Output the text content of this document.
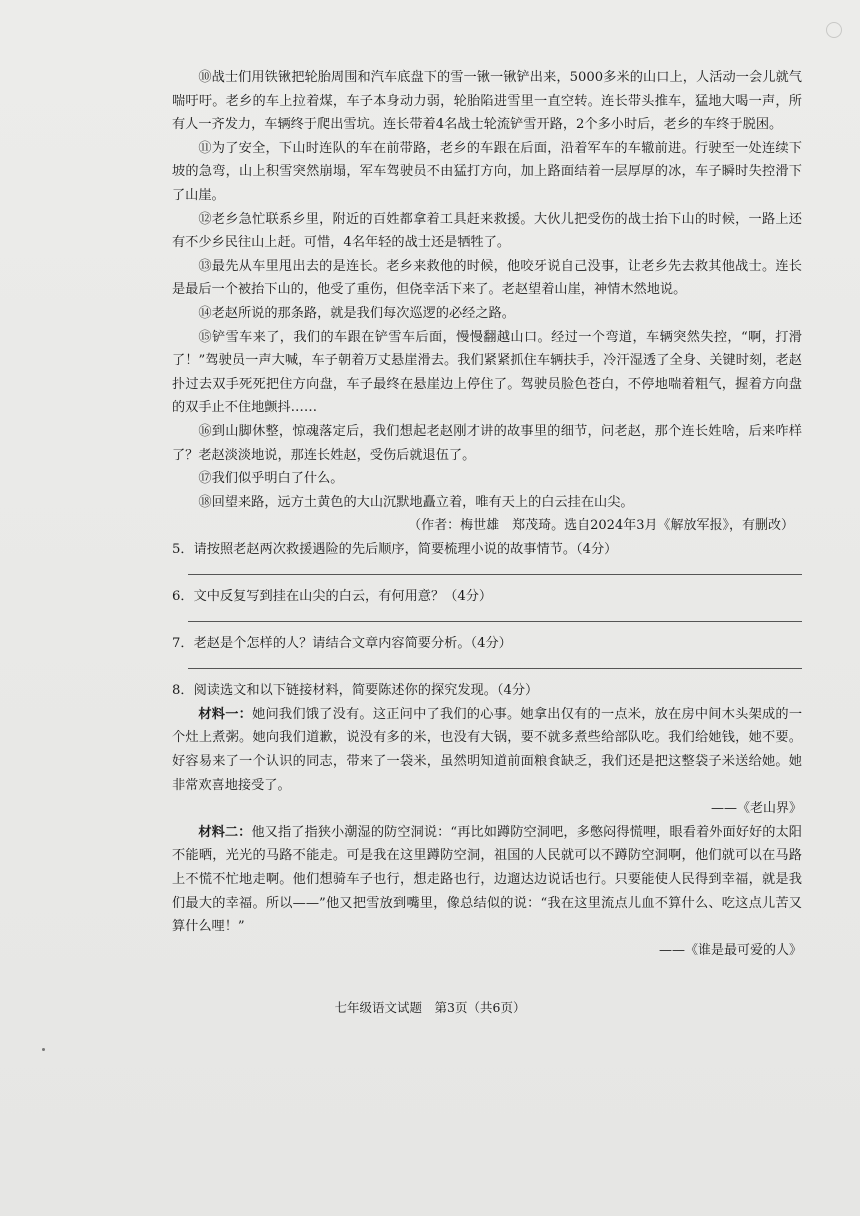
⑩战士们用铁锹把轮胎周围和汽车底盘下的雪一锹一锹铲出来，5000多米的山口上，人活动一会儿就气喘吁吁。老乡的车上拉着煤，车子本身动力弱，轮胎陷进雪里一直空转。连长带头推车，猛地大喝一声，所有人一齐发力，车辆终于爬出雪坑。连长带着4名战士轮流铲雪开路，2个多小时后，老乡的车终于脱困。

⑪为了安全，下山时连队的车在前带路，老乡的车跟在后面，沿着军车的车辙前进。行驶至一处连续下坡的急弯，山上积雪突然崩塌，军车驾驶员不由猛打方向，加上路面结着一层厚厚的冰，车子瞬时失控滑下了山崖。

⑫老乡急忙联系乡里，附近的百姓都拿着工具赶来救援。大伙儿把受伤的战士抬下山的时候，一路上还有不少乡民往山上赶。可惜，4名年轻的战士还是牺牲了。

⑬最先从车里甩出去的是连长。老乡来救他的时候，他咬牙说自己没事，让老乡先去救其他战士。连长是最后一个被抬下山的，他受了重伤，但侥幸活下来了。老赵望着山崖，神情木然地说。

⑭老赵所说的那条路，就是我们每次巡逻的必经之路。

⑮铲雪车来了，我们的车跟在铲雪车后面，慢慢翻越山口。经过一个弯道，车辆突然失控，“啊，打滑了！”驾驶员一声大喊，车子朝着万丈悬崖滑去。我们紧紧抓住车辆扶手，冷汗湿透了全身、关键时刻，老赵扑过去双手死死把住方向盘，车子最终在悬崖边上停住了。驾驶员脸色苍白，不停地喘着粗气，握着方向盘的双手止不住地颤抖……

⑯到山脚休整，惊魂落定后，我们想起老赵刚才讲的故事里的细节，问老赵，那个连长姓啥，后来咋样了？老赵淡淡地说，那连长姓赵，受伤后就退伍了。

⑰我们似乎明白了什么。

⑱回望来路，远方土黄色的大山沉默地矗立着，唯有天上的白云挂在山尖。

（作者：梅世雄　郑茂琦。选自2024年3月《解放军报》，有删改）

5．请按照老赵两次救援遇险的先后顺序，简要梳理小说的故事情节。（4分）

6．文中反复写到挂在山尖的白云，有何用意？（4分）

7．老赵是个怎样的人？请结合文章内容简要分析。（4分）

8．阅读选文和以下链接材料，简要陈述你的探究发现。（4分）

材料一：她问我们饿了没有。这正问中了我们的心事。她拿出仅有的一点米，放在房中间木头架成的一个灶上煮粥。她向我们道歉，说没有多的米，也没有大锅，要不就多煮些给部队吃。我们给她钱，她不要。好容易来了一个认识的同志，带来了一袋米，虽然明知道前面粮食缺乏，我们还是把这整袋子米送给她。她非常欢喜地接受了。

——《老山界》

材料二：他又指了指狭小潮湿的防空洞说：“再比如蹲防空洞吧，多憋闷得慌哩，眼看着外面好好的太阳不能晒，光光的马路不能走。可是我在这里蹲防空洞，祖国的人民就可以不蹲防空洞啊，他们就可以在马路上不慌不忙地走啊。他们想骑车子也行，想走路也行，边遛达边说话也行。只要能使人民得到幸福，就是我们最大的幸福。所以——”他又把雪放到嘴里，像总结似的说：“我在这里流点儿血不算什么、吃这点儿苦又算什么哩！”

——《谁是最可爱的人》

七年级语文试题　第3页（共6页）
